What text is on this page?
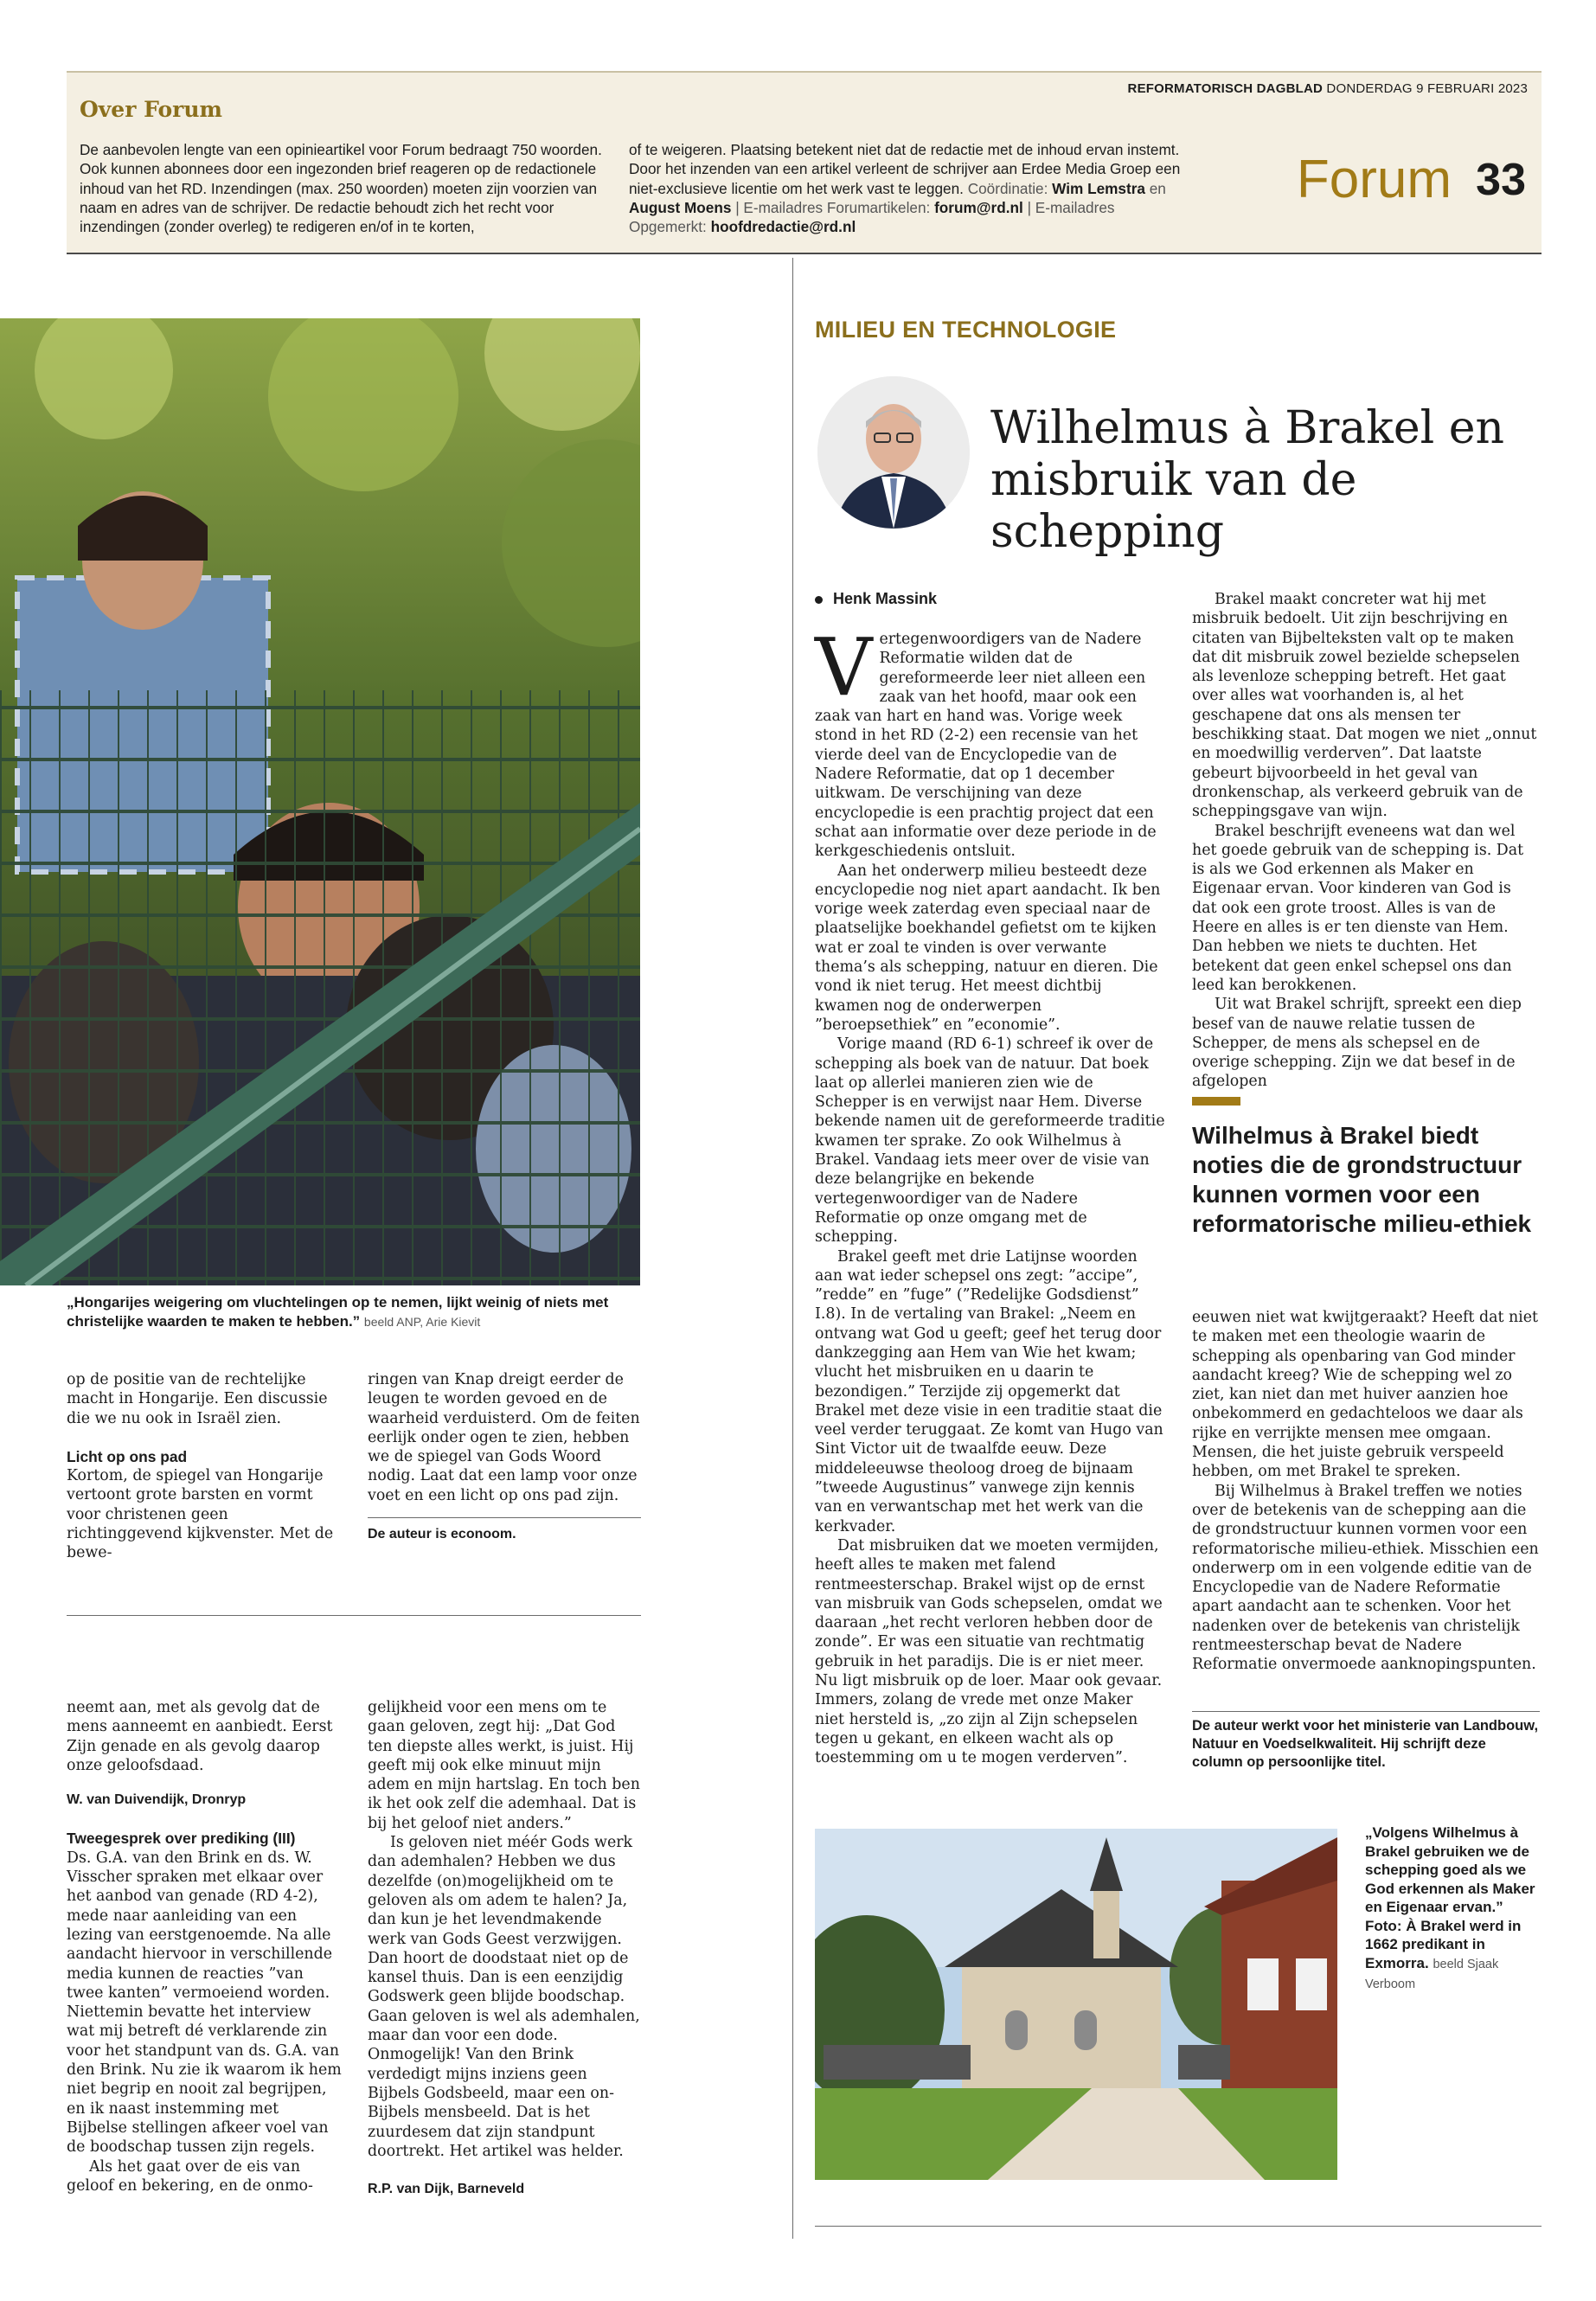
REFORMATORISCH DAGBLAD DONDERDAG 9 FEBRUARI 2023
Over Forum
De aanbevolen lengte van een opinieartikel voor Forum bedraagt 750 woorden. Ook kunnen abonnees door een ingezonden brief reageren op de redactionele inhoud van het RD. Inzendingen (max. 250 woorden) moeten zijn voorzien van naam en adres van de schrijver. De redactie behoudt zich het recht voor inzendingen (zonder overleg) te redigeren en/of in te korten,
of te weigeren. Plaatsing betekent niet dat de redactie met de inhoud ervan instemt. Door het inzenden van een artikel verleent de schrijver aan Erdee Media Groep een niet-exclusieve licentie om het werk vast te leggen. Coördinatie: Wim Lemstra en August Moens | E-mailadres Forumartikelen: forum@rd.nl | E-mailadres Opgemerkt: hoofdredactie@rd.nl
Forum 33
„Hongarijes weigering om vluchtelingen op te nemen, lijkt weinig of niets met christelijke waarden te maken te hebben.” beeld ANP, Arie Kievit

op de positie van de rechtelijke macht in Hongarije. Een discussie die we nu ook in Israël zien.

Licht op ons pad

Kortom, de spiegel van Hongarije vertoont grote barsten en vormt voor christenen geen richtinggevend kijkvenster. Met de bewe-

ringen van Knap dreigt eerder de leugen te worden gevoed en de waarheid verduisterd. Om de feiten eerlijk onder ogen te zien, hebben we de spiegel van Gods Woord nodig. Laat dat een lamp voor onze voet en een licht op ons pad zijn.

De auteur is econoom.

neemt aan, met als gevolg dat de mens aanneemt en aanbiedt. Eerst Zijn genade en als gevolg daarop onze geloofsdaad.

W. van Duivendijk, Dronryp

Tweegesprek over prediking (III)

Ds. G.A. van den Brink en ds. W. Visscher spraken met elkaar over het aanbod van genade (RD 4-2), mede naar aanleiding van een lezing van eerstgenoemde. Na alle aandacht hiervoor in verschillende media kunnen de reacties ”van twee kanten” vermoeiend worden. Niettemin bevatte het interview wat mij betreft dé verklarende zin voor het standpunt van ds. G.A. van den Brink. Nu zie ik waarom ik hem niet begrip en nooit zal begrijpen, en ik naast instemming met Bijbelse stellingen afkeer voel van de boodschap tussen zijn regels.

Als het gaat over de eis van geloof en bekering, en de onmo-

gelijkheid voor een mens om te gaan geloven, zegt hij: „Dat God ten diepste alles werkt, is juist. Hij geeft mij ook elke minuut mijn adem en mijn hartslag. En toch ben ik het ook zelf die ademhaal. Dat is bij het geloof niet anders.”

Is geloven niet méér Gods werk dan ademhalen? Hebben we dus dezelfde (on)mogelijkheid om te geloven als om adem te halen? Ja, dan kun je het levendmakende werk van Gods Geest verzwijgen. Dan hoort de doodstaat niet op de kansel thuis. Dan is een eenzijdig Godswerk geen blijde boodschap. Gaan geloven is wel als ademhalen, maar dan voor een dode. Onmogelijk! Van den Brink verdedigt mijns inziens geen Bijbels Godsbeeld, maar een on-Bijbels mensbeeld. Dat is het zuurdesem dat zijn standpunt doortrekt. Het artikel was helder.

R.P. van Dijk, Barneveld

MILIEU EN TECHNOLOGIE
Wilhelmus à Brakel en misbruik van de schepping
Henk Massink

Vertegenwoordigers van de Nadere Reformatie wilden dat de gereformeerde leer niet alleen een zaak van het hoofd, maar ook een zaak van hart en hand was. Vorige week stond in het RD (2-2) een recensie van het vierde deel van de Encyclopedie van de Nadere Reformatie, dat op 1 december uitkwam. De verschijning van deze encyclopedie is een prachtig project dat een schat aan informatie over deze periode in de kerkgeschiedenis ontsluit.

Aan het onderwerp milieu besteedt deze encyclopedie nog niet apart aandacht. Ik ben vorige week zaterdag even speciaal naar de plaatselijke boekhandel gefietst om te kijken wat er zoal te vinden is over verwante thema’s als schepping, natuur en dieren. Die vond ik niet terug. Het meest dichtbij kwamen nog de onderwerpen ”beroepsethiek” en ”economie”.

Vorige maand (RD 6-1) schreef ik over de schepping als boek van de natuur. Dat boek laat op allerlei manieren zien wie de Schepper is en verwijst naar Hem. Diverse bekende namen uit de gereformeerde traditie kwamen ter sprake. Zo ook Wilhelmus à Brakel. Vandaag iets meer over de visie van deze belangrijke en bekende vertegenwoordiger van de Nadere Reformatie op onze omgang met de schepping.

Brakel geeft met drie Latijnse woorden aan wat ieder schepsel ons zegt: ”accipe”, ”redde” en ”fuge” (”Redelijke Godsdienst” I.8). In de vertaling van Brakel: „Neem en ontvang wat God u geeft; geef het terug door dankzegging aan Hem van Wie het kwam; vlucht het misbruiken en u daarin te bezondigen.” Terzijde zij opgemerkt dat Brakel met deze visie in een traditie staat die veel verder teruggaat. Ze komt van Hugo van Sint Victor uit de twaalfde eeuw. Deze middeleeuwse theoloog droeg de bijnaam ”tweede Augustinus” vanwege zijn kennis van en verwantschap met het werk van die kerkvader.

Dat misbruiken dat we moeten vermijden, heeft alles te maken met falend rentmeesterschap. Brakel wijst op de ernst van misbruik van Gods schepselen, omdat we daaraan „het recht verloren hebben door de zonde”. Er was een situatie van rechtmatig gebruik in het paradijs. Die is er niet meer. Nu ligt misbruik op de loer. Maar ook gevaar. Immers, zolang de vrede met onze Maker niet hersteld is, „zo zijn al Zijn schepselen tegen u gekant, en elkeen wacht als op toestemming om u te mogen verderven”.

Brakel maakt concreter wat hij met misbruik bedoelt. Uit zijn beschrijving en citaten van Bijbelteksten valt op te maken dat dit misbruik zowel bezielde schepselen als levenloze schepping betreft. Het gaat over alles wat voorhanden is, al het geschapene dat ons als mensen ter beschikking staat. Dat mogen we niet „onnut en moedwillig verderven”. Dat laatste gebeurt bijvoorbeeld in het geval van dronkenschap, als verkeerd gebruik van de scheppingsgave van wijn.

Brakel beschrijft eveneens wat dan wel het goede gebruik van de schepping is. Dat is als we God erkennen als Maker en Eigenaar ervan. Voor kinderen van God is dat ook een grote troost. Alles is van de Heere en alles is er ten dienste van Hem. Dan hebben we niets te duchten. Het betekent dat geen enkel schepsel ons dan leed kan berokkenen.

Uit wat Brakel schrijft, spreekt een diep besef van de nauwe relatie tussen de Schepper, de mens als schepsel en de overige schepping. Zijn we dat besef in de afgelopen

Wilhelmus à Brakel biedt noties die de grondstructuur kunnen vormen voor een reformatorische milieu-ethiek

eeuwen niet wat kwijtgeraakt? Heeft dat niet te maken met een theologie waarin de schepping als openbaring van God minder aandacht kreeg? Wie de schepping wel zo ziet, kan niet dan met huiver aanzien hoe onbekommerd en gedachteloos we daar als rijke en verrijkte mensen mee omgaan. Mensen, die het juiste gebruik verspeeld hebben, om met Brakel te spreken.

Bij Wilhelmus à Brakel treffen we noties over de betekenis van de schepping aan die de grondstructuur kunnen vormen voor een reformatorische milieu-ethiek. Misschien een onderwerp om in een volgende editie van de Encyclopedie van de Nadere Reformatie apart aandacht aan te schenken. Voor het nadenken over de betekenis van christelijk rentmeesterschap bevat de Nadere Reformatie onvermoede aanknopingspunten.

De auteur werkt voor het ministerie van Landbouw, Natuur en Voedselkwaliteit. Hij schrijft deze column op persoonlijke titel.
„Volgens Wilhelmus à Brakel gebruiken we de schepping goed als we God erkennen als Maker en Eigenaar ervan.” Foto: À Brakel werd in 1662 predikant in Exmorra. beeld Sjaak Verboom
